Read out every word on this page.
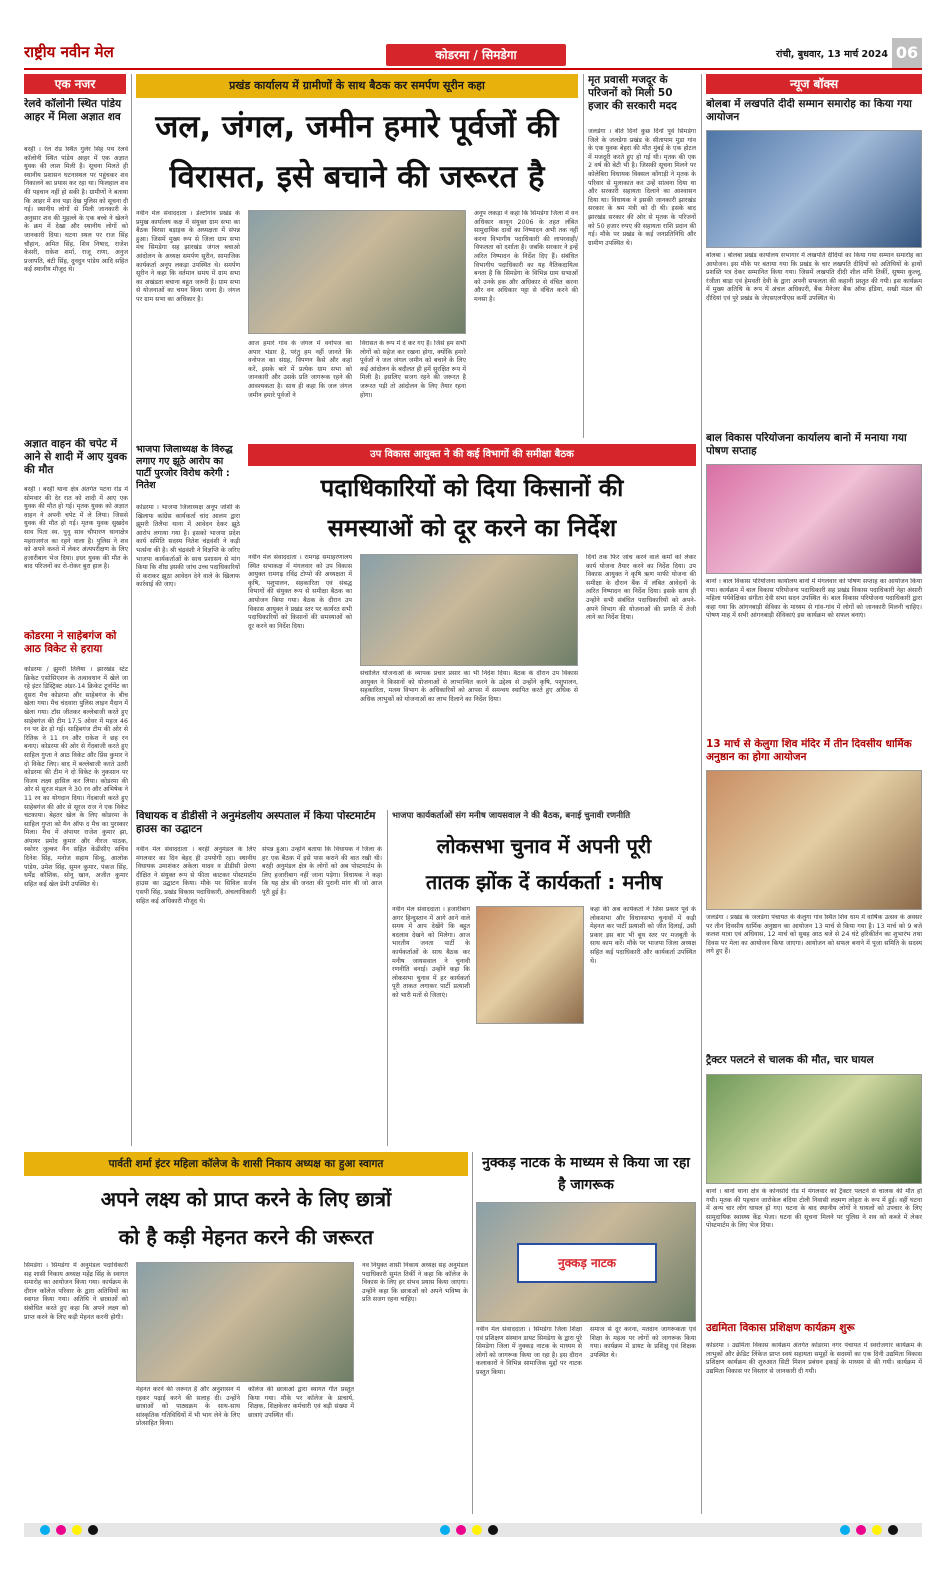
राष्ट्रीय नवीन मेल	कोडरमा / सिमडेगा	रांची, बुधवार, 13 मार्च 2024 06
एक नजर
रेलवे कॉलोनी स्थित पांडेय आहर में मिला अज्ञात शव
बरही । रेल रोड स्थित गुलेर सिंह पथ रेलवे कॉलोनी स्थित पांडेय आहर में एक अज्ञात युवक की लाश मिली है। सूचना मिलते ही स्थानीय प्रशासन घटनास्थल पर पहुंचकर शव निकालने का प्रयास कर रहा था। फिलहाल शव की पहचान नहीं हो सकी है। ग्रामीणों ने बताया कि आहर में शव पड़ा देख पुलिस को सूचना दी गई। स्थानीय लोगों से मिली जानकारी के अनुसार शव की मुहल्ले के एक बच्चे ने खेलने के क्रम में देखा और स्थानीय लोगों को जानकारी दिया। घटना स्थल पर राज सिंह चौहान, अमित सिंह, शिव निषाद, राजेश केसरी, राकेश शर्मा, राजू राणा, अनुज प्रजापति, बंटी सिंह, दुनदुन पांडेय आदि सहित कई स्थानीय मौजूद थे।
अज्ञात वाहन की चपेट में आने से शादी में आए युवक की मौत
बरही । बरही थाना क्षेत्र अंतर्गत पटना रोड में सोमवार की देर रात को शादी में आए एक युवक की मौत हो गई। मृतक युवक को अज्ञात वाहन ने अपनी चपेट में ले लिया। जिससे युवक की मौत हो गई। मृतक युवक सुखदेव साव पिता स्व. पुनू साव चौपारण थानाक्षेत्र महराजगंज का रहने वाला है। पुलिस ने शव को अपने कब्जे में लेकर अंत्यपरीक्षण के लिए हजारीबाग भेज दिया। इधर युवक की मौत के बाद परिजनों का रो-रोकर बुरा हाल है।
कोडरमा ने साहेबगंज को आठ विकेट से हराया
कोडरमा / झुमरी तिलैया । झारखंड स्टेट क्रिकेट एसोसिएशन के तत्वावधान में खेले जा रहे इंटर डिस्ट्रिक्ट अंडर-14 क्रिकेट टूर्नामेंट का दूसरा मैच कोडरमा और साहेबगंज के बीच खेला गया। मैच चंदवारा पुलिस लाइन मैदान में खेला गया। टॉस जीतकर बल्लेबाजी करते हुए साहेबगंज की टीम 17.5 ओवर में महज 46 रन पर ढेर हो गई। साहिबगंज टीम की ओर से रितिक ने 11 रन और राकेश ने छह रन बनाए। कोडरमा की ओर से गेंदबाजी करते हुए साहिल गुप्ता ने आठ विकेट और प्रिंस कुमार ने दो विकेट लिए। बाद में बल्लेबाजी करते उतरी कोडरमा की टीम ने दो विकेट के नुकसान पर विजय लक्ष्य हासिल कर लिया। कोडरमा की ओर से सूरज मंडल ने 30 रन और अभिषेक ने 11 रन का योगदान दिया। गेंदबाजी करते हुए साहेबगंज की ओर से सूरज राज ने एक विकेट चटकाया। बेहतर खेल के लिए कोडरमा के साहिल गुप्ता को मैन ऑफ द मैच का पुरस्कार मिला। मैच में अंपायर राजेश कुमार झा, अंपायर प्रमोद कुमार और नीरज पाठक, स्कोरर जुल्कर नैन सहित केडीसीए सचिव दिनेश सिंह, मनोज सहाय सिन्हू, आलोक पांडेय, उमेश सिंह, सुमन कुमार, पंकज सिंह, धर्मेंद्र कौशिक, सोनू खान, अजीत कुमार सहित कई खेल प्रेमी उपस्थित थे।
प्रखंड कार्यालय में ग्रामीणों के साथ बैठक कर समर्पण सूरीन कहा
जल, जंगल, जमीन हमारे पूर्वजों की
विरासत, इसे बचाने की जरूरत है
नवीन मेल संवाददाता । डेल्टोगांव प्रखंड के प्रमुख कार्यालय कक्ष में संयुक्त ग्राम सभा का बैठक बिरसा बड़ाइक के अध्यक्षता में संपन्न हुआ। जिसमें मुख्य रूप से जिला ग्राम सभा मंच सिमडेगा सह झारखंड जंगल बचाओ आंदोलन के अध्यक्ष समर्पण सूरीन, सामाजिक कार्यकर्ता अनूप लकड़ा उपस्थित थे। समर्पण सूरीन ने कहा कि वर्तमान समय में ग्राम सभा का अखंडता बचाना बहुत जरूरी है। ग्राम सभा से योजनाओं का चयन किया जाना है। जंगल पर ग्राम सभा का अधिकार है।
आज हमारे गांव के जंगल में वनोपज का अपार भंडार है, परंतु हम नहीं जानते कि वनोपज का संग्रह, विपणन कैसे और कहां करें, इसके बारे में प्रत्येक ग्राम सभा को जानकारी और उसके प्रति जागरूक रहने की आवश्यकता है। साथ ही कहा कि जल जंगल जमीन हमारे पूर्वजों ने
विरासत के रूप में दे कर गए हैं। जिसे हम सभी लोगों को सहेज कर रखना होगा, क्योंकि हमारे पूर्वजों ने जल जंगल जमीन को बचाने के लिए कई आंदोलन के बदौलत ही हमें सुरक्षित रूप में मिली है। इसलिए सजग रहने की जरूरत है जरूरत पड़ी तो आंदोलन के लिए तैयार रहना होगा।
अनूप लकड़ा ने कहा कि सिमडेगा जिला में वन अधिकार कानून 2006 के तहत लंबित सामुदायिक दावों का निष्पादन अभी तक नहीं करना विभागीय पदाधिकारी की लापरवाही/ विफलता को दर्शाता है। जबकि सरकार ने इन्हें त्वरित निष्पादन के निर्देश दिए हैं। संबंधित विभागीय पदाधिकारी का यह नैतिकदायित्व बनता है कि सिमडेगा के विभिन्न ग्राम सभाओं को उनके हक और अधिकार से वंचित करना और वन अधिकार पट्टा से वंचित करने की मनसा है।
मृत प्रवासी मजदूर के परिजनों को मिली 50 हजार की सरकारी मदद
जलडेगा । बीते दिनों कुछ दिनों पूर्व सिमडेगा जिले के जलडेगा प्रखंड के सीतापाम मुडा गांव के एक युवक बेहरा की मौत मुंबई के एक होटल में मजदूरी करते हुए हो गई थी। मृतक की एक 2 वर्ष की बेटी भी है। जिसकी सूचना मिलने पर कोलेबिरा विधायक विक्सल कोंगाड़ी ने मृतक के परिवार से मुलाकात कर उन्हें सांत्वना दिया था और सरकारी सहायता दिलाने का आश्वासन दिया था। विधायक ने इसकी जानकारी झारखंड सरकार के श्रम मंत्री को दी थी। इसके बाद झारखंड सरकार की ओर से मृतक के परिजनों को 50 हजार रुपए की सहायता राशि प्रदान की गई। मौके पर प्रखंड के कई जनप्रतिनिधि और ग्रामीण उपस्थित थे।
न्यूज बॉक्स
बोलबा में लखपति दीदी सम्मान समारोह का किया गया आयोजन
बोलबा । बोलबा प्रखंड कार्यालय सभागार में लखपति दीदियों का किया गया सम्मान समारोह का आयोजन। इस मौके पर बताया गया कि प्रखंड के चार लखपति दीदियों को अतिथियों के हाथों प्रशस्ति पत्र देकर सम्मानित किया गया। जिसमें लखपति दीदी शील मणि तिर्की, सुषमा कुल्लू, रंजीता बाड़ा एवं हेमवती देवी के द्वारा अपनी सफलता की कहानी प्रस्तुत की गयी। इस कार्यक्रम में मुख्य अतिथि के रूप में अंचल अधिकारी, बैंक मैनेजर बैंक ऑफ इंडिया, सखी मंडल की दीदियां एवं पूरे प्रखंड के जेएसएलपीएस कर्मी उपस्थित थे।
बाल विकास परियोजना कार्यालय बानो में मनाया गया पोषण सप्ताह
बानो । बाल विकास परियोजना कार्यालय बानो में मंगलवार को पोषण सप्ताह का आयोजन किया गया। कार्यक्रम में बाल विकास परियोजना पदाधिकारी सह प्रखंड विकास पदाधिकारी नेहा अंसारी महिला पर्यवेक्षिका संगीता देवी सभा सदन उपस्थित थे। बाल विकास परियोजना पदाधिकारी द्वारा कहा गया कि आंगनबाड़ी सेविका के माध्यम से गांव-गांव में लोगों को जानकारी मिलनी चाहिए। पोषण माह में सभी आंगनबाड़ी सेविकाएं इस कार्यक्रम को सफल बनाएं।
13 मार्च से केलुगा शिव मंदिर में तीन दिवसीय धार्मिक अनुष्ठान का होगा आयोजन
जलडेगा । प्रखंड के जलडेगा पंचायत के केलुगा गांव स्थित शिव धाम में वार्षिक उत्सव के अवसर पर तीन दिवसीय धार्मिक अनुष्ठान का आयोजन 13 मार्च से किया गया है। 13 मार्च को 9 बजे कलश यात्रा एवं अधिवास, 12 मार्च को सुबह आठ बजे से 24 घंटे हरिकीर्तन का शुभारंभ तथा दिवस पर मेला का आयोजन किया जाएगा। आयोजन को सफल बनाने में पूजा समिति के सदस्य लगे हुए हैं।
ट्रैक्टर पलटने से चालक की मौत, चार घायल
बानो । बानो थाना क्षेत्र के कोनसोदे रोड में मंगलवार को ट्रैक्टर पलटने से चालक की मौत हो गयी। मृतक की पहचान जारोकेल बंदिया टोली निवासी लक्ष्मण लोहरा के रूप में हुई। वहीं घटना में अन्य चार लोग घायल हो गए। घटना के बाद स्थानीय लोगों ने घायलों को उपचार के लिए सामुदायिक स्वास्थ्य केंद्र भेजा। घटना की सूचना मिलने पर पुलिस ने शव को कब्जे में लेकर पोस्टमार्टम के लिए भेज दिया।
उद्यमिता विकास प्रशिक्षण कार्यक्रम शुरू
कोडरमा । उद्यमिता विकास कार्यक्रम अंतर्गत कोडरमा नगर पंचायत में स्वरोजगार कार्यक्रम के लाभुकों और क्रेडिट लिंकेज प्राप्त स्वयं सहायता समूहों के सदस्यों का एक दिनी उद्यमिता विकास प्रशिक्षण कार्यक्रम की शुरुआत सिटी मिशन प्रबंधन इकाई के माध्यम से की गयी। कार्यक्रम में उद्यमिता विकास पर विस्तार से जानकारी दी गयी।
भाजपा जिलाध्यक्ष के विरुद्ध लगाए गए झूठे आरोप का पार्टी पुरजोर विरोध करेगी : नितेश
कोडरमा । भाजपा जिलाध्यक्ष अनूप जोशी के खिलाफ कांग्रेस कार्यकर्ता चांद आलम द्वारा झूमरी तिलैया थाना में आवेदन देकर झूठे आरोप लगाया गया है। इसको भाजपा प्रदेश कार्य समिति सदस्य नितेश चंद्रवंशी ने कड़ी भर्त्सना की है। श्री चंद्रवंशी ने विज्ञप्ति के जरिए भाजपा कार्यकर्ताओं के साथ प्रशासन से मांग किया कि शीघ्र इसकी जांच उच्च पदाधिकारियों से कराकर झूठा आवेदन देने वाले के खिलाफ कार्रवाई की जाए।
उप विकास आयुक्त ने की कई विभागों की समीक्षा बैठक
पदाधिकारियों को दिया किसानों की
समस्याओं को दूर करने का निर्देश
नवीन मेल संवाददाता । रामगढ़ समाहरणालय स्थित सभाकक्ष में मंगलवार को उप विकास आयुक्त रामगढ़ रविंद्र टोप्पो की अध्यक्षता में कृषि, पशुपालन, सहकारिता एवं संबद्ध विभागों की संयुक्त रूप से समीक्षा बैठक का आयोजन किया गया। बैठक के दौरान उप विकास आयुक्त ने प्रखंड स्तर पर कार्यरत सभी पदाधिकारियों को किसानों की समस्याओं को दूर करने का निर्देश दिया।
संचालित योजनाओं के व्यापक प्रचार प्रसार का भी निर्देश दिया। बैठक के दौरान उप विकास आयुक्त ने किसानों को योजनाओं से लाभान्वित करने के उद्देश्य से उन्होंने कृषि, पशुपालन, सहकारिता, मत्स्य विभाग के अधिकारियों को आपस में समन्वय स्थापित करते हुए अधिक से अधिक लाभुकों को योजनाओं का लाभ दिलाने का निर्देश दिया।
दिनों तक फिर जांच करने वाले कर्मों को लेकर कार्य योजना तैयार करने का निर्देश दिया। उप विकास आयुक्त ने कृषि ऋण माफी योजना की समीक्षा के दौरान बैंक में लंबित आवेदनों के त्वरित निष्पादन का निर्देश दिया। इसके साथ ही उन्होंने सभी संबंधित पदाधिकारियों को अपने-अपने विभाग की योजनाओं की प्रगति में तेजी लाने का निर्देश दिया।
विधायक व डीडीसी ने अनुमंडलीय अस्पताल में किया पोस्टमार्टम हाउस का उद्घाटन
नवीन मेल संवाददाता । बरही अनुमंडल के लिए मंगलवार का दिन बेहद ही उपयोगी रहा। स्थानीय विधायक उमाशंकर अकेला यादव व डीडीसी प्रेरणा दीक्षित ने संयुक्त रूप से फीता काटकर पोस्टमार्टम हाउस का उद्घाटन किया। मौके पर सिविल सर्जन एसपी सिंह, प्रखंड विकास पदाधिकारी, अंचलाधिकारी सहित कई अधिकारी मौजूद थे।
संपन्न हुआ। उन्होंने बताया कि विधायक ने जिला के हर एक बैठक में इसे पास कराने की बात रखी थी। बरही अनुमंडल क्षेत्र के लोगों को अब पोस्टमार्टम के लिए हजारीबाग नहीं जाना पड़ेगा। विधायक ने कहा कि यह क्षेत्र की जनता की पुरानी मांग थी जो आज पूरी हुई है।
भाजपा कार्यकर्ताओं संग मनीष जायसवाल ने की बैठक, बनाई चुनावी रणनीति
लोकसभा चुनाव में अपनी पूरी
तातक झोंक दें कार्यकर्ता : मनीष
नवीन मेल संवाददाता । हजारीबाग अगर हिन्दुस्तान में आगे आने वाले समय में आप देखेंगे कि बहुत बदलाव देखने को मिलेगा। आज भारतीय जनता पार्टी के कार्यकर्ताओं के साथ बैठक कर मनीष जायसवाल ने चुनावी रणनीति बनाई। उन्होंने कहा कि लोकसभा चुनाव में हर कार्यकर्ता पूरी ताकत लगाकर पार्टी प्रत्याशी को भारी मतों से जिताएं।
कहा की अब कार्यकर्ता ने जिस प्रकार पूर्व के लोकसभा और विधानसभा चुनावों में कड़ी मेहनत कर पार्टी प्रत्याशी को जीत दिलाई, उसी प्रकार इस बार भी बूथ स्तर पर मजबूती के साथ काम करें। मौके पर भाजपा जिला अध्यक्ष सहित कई पदाधिकारी और कार्यकर्ता उपस्थित थे।
पार्वती शर्मा इंटर महिला कॉलेज के शासी निकाय अध्यक्ष का हुआ स्वागत
अपने लक्ष्य को प्राप्त करने के लिए छात्रों
को है कड़ी मेहनत करने की जरूरत
सिमडेगा । सिमडेगा में अनुमंडल पदाधिकारी सह शासी निकाय अध्यक्ष महेंद्र सिंह के स्वागत समारोह का आयोजन किया गया। कार्यक्रम के दौरान कॉलेज परिवार के द्वारा अतिथियों का स्वागत किया गया। अतिथि ने छात्राओं को संबोधित करते हुए कहा कि अपने लक्ष्य को प्राप्त करने के लिए कड़ी मेहनत करनी होगी।
मेहनत करने की जरूरत है और अनुशासन में रहकर पढ़ाई करने की सलाह दी। उन्होंने छात्राओं को पाठ्यक्रम के साथ-साथ सांस्कृतिक गतिविधियों में भी भाग लेने के लिए प्रोत्साहित किया।
कॉलेज की छात्राओं द्वारा स्वागत गीत प्रस्तुत किया गया। मौके पर कॉलेज के प्राचार्य, शिक्षक, शिक्षकेत्तर कर्मचारी एवं बड़ी संख्या में छात्राएं उपस्थित थीं।
नव नियुक्त शासी निकाय अध्यक्ष सह अनुमंडल पदाधिकारी सुमंत तिर्की ने कहा कि कॉलेज के विकास के लिए हर संभव प्रयास किया जाएगा। उन्होंने कहा कि छात्राओं को अपने भविष्य के प्रति सजग रहना चाहिए।
नुक्कड़ नाटक के माध्यम से किया जा रहा है जागरूक
नुक्कड़ नाटक
नवीन मेल संवाददाता । सिमडेगा जिला शिक्षा एवं प्रशिक्षण संस्थान डायट सिमडेगा के द्वारा पूरे सिमडेगा जिला में नुक्कड़ नाटक के माध्यम से लोगों को जागरूक किया जा रहा है। इस दौरान कलाकारों ने विभिन्न सामाजिक मुद्दों पर नाटक प्रस्तुत किया।
समाज से दूर करना, मतदान जागरूकता एवं शिक्षा के महत्व पर लोगों को जागरूक किया गया। कार्यक्रम में डायट के प्रशिक्षु एवं शिक्षक उपस्थित थे।
